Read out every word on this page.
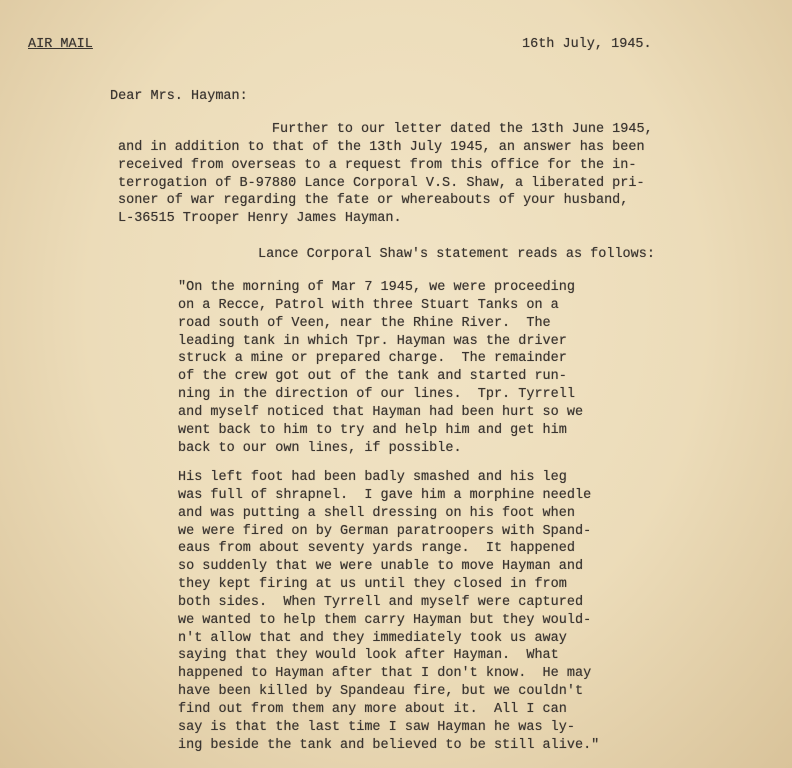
AIR MAIL	16th July, 1945.
Dear Mrs. Hayman:
Further to our letter dated the 13th June 1945,
and in addition to that of the 13th July 1945, an answer has been
received from overseas to a request from this office for the in-
terrogation of B-97880 Lance Corporal V.S. Shaw, a liberated pri-
soner of war regarding the fate or whereabouts of your husband,
L-36515 Trooper Henry James Hayman.
Lance Corporal Shaw's statement reads as follows:
"On the morning of Mar 7 1945, we were proceeding
on a Recce, Patrol with three Stuart Tanks on a
road south of Veen, near the Rhine River.  The
leading tank in which Tpr. Hayman was the driver
struck a mine or prepared charge.  The remainder
of the crew got out of the tank and started run-
ning in the direction of our lines.  Tpr. Tyrrell
and myself noticed that Hayman had been hurt so we
went back to him to try and help him and get him
back to our own lines, if possible.
His left foot had been badly smashed and his leg
was full of shrapnel.  I gave him a morphine needle
and was putting a shell dressing on his foot when
we were fired on by German paratroopers with Spand-
eaus from about seventy yards range.  It happened
so suddenly that we were unable to move Hayman and
they kept firing at us until they closed in from
both sides.  When Tyrrell and myself were captured
we wanted to help them carry Hayman but they would-
n't allow that and they immediately took us away
saying that they would look after Hayman.  What
happened to Hayman after that I don't know.  He may
have been killed by Spandeau fire, but we couldn't
find out from them any more about it.  All I can
say is that the last time I saw Hayman he was ly-
ing beside the tank and believed to be still alive."
